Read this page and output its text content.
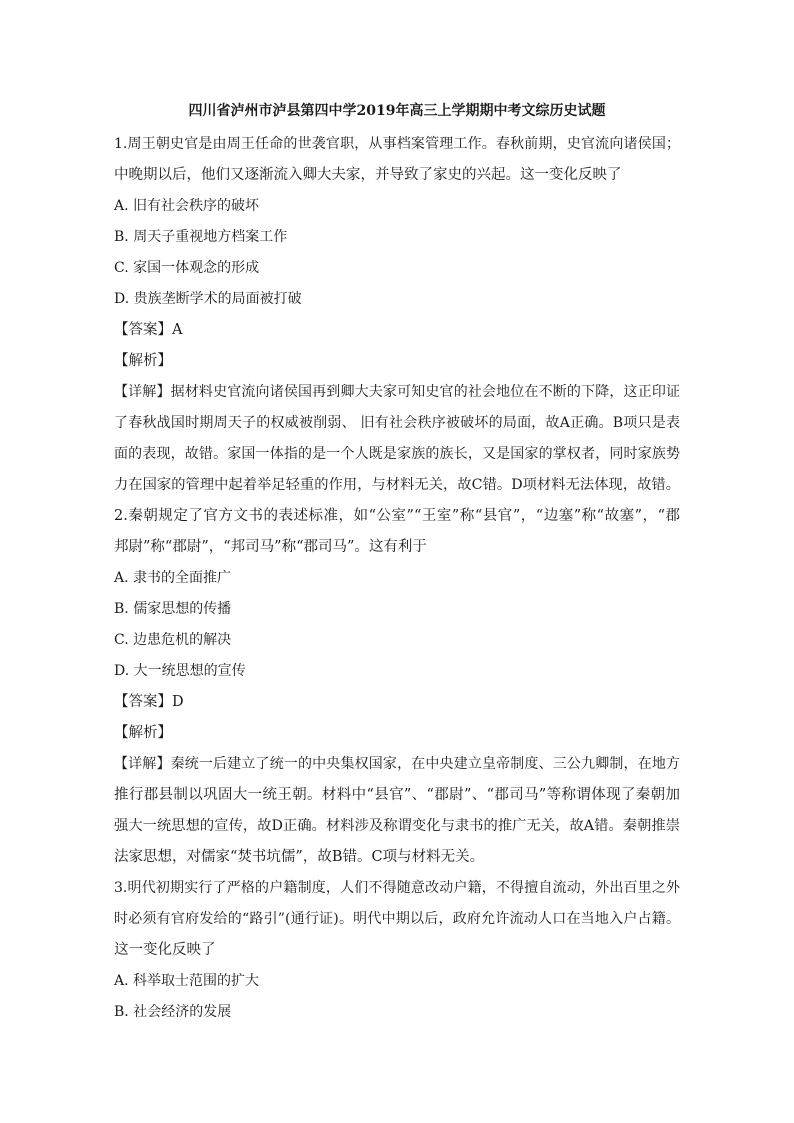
四川省泸州市泸县第四中学2019年高三上学期期中考文综历史试题
1.周王朝史官是由周王任命的世袭官职，从事档案管理工作。春秋前期，史官流向诸侯国；
中晚期以后，他们又逐渐流入卿大夫家，并导致了家史的兴起。这一变化反映了
A. 旧有社会秩序的破坏
B. 周天子重视地方档案工作
C. 家国一体观念的形成
D. 贵族垄断学术的局面被打破
【答案】A
【解析】
【详解】据材料史官流向诸侯国再到卿大夫家可知史官的社会地位在不断的下降，这正印证
了春秋战国时期周天子的权威被削弱、 旧有社会秩序被破坏的局面，故A正确。B项只是表
面的表现，故错。家国一体指的是一个人既是家族的族长，又是国家的掌权者，同时家族势
力在国家的管理中起着举足轻重的作用，与材料无关，故C错。D项材料无法体现，故错。
2.秦朝规定了官方文书的表述标准，如“公室”“王室”称“县官”，“边塞”称“故塞”，“郡
邦尉”称“郡尉”，“邦司马”称“郡司马”。这有利于
A. 隶书的全面推广
B. 儒家思想的传播
C. 边患危机的解决
D. 大一统思想的宣传
【答案】D
【解析】
【详解】秦统一后建立了统一的中央集权国家，在中央建立皇帝制度、三公九卿制，在地方
推行郡县制以巩固大一统王朝。材料中“县官”、“郡尉”、“郡司马”等称谓体现了秦朝加
强大一统思想的宣传，故D正确。材料涉及称谓变化与隶书的推广无关，故A错。秦朝推崇
法家思想，对儒家“焚书坑儒”，故B错。C项与材料无关。
3.明代初期实行了严格的户籍制度，人们不得随意改动户籍，不得擅自流动，外出百里之外
时必须有官府发给的“路引”(通行证)。明代中期以后，政府允许流动人口在当地入户占籍。
这一变化反映了
A. 科举取士范围的扩大
B. 社会经济的发展
